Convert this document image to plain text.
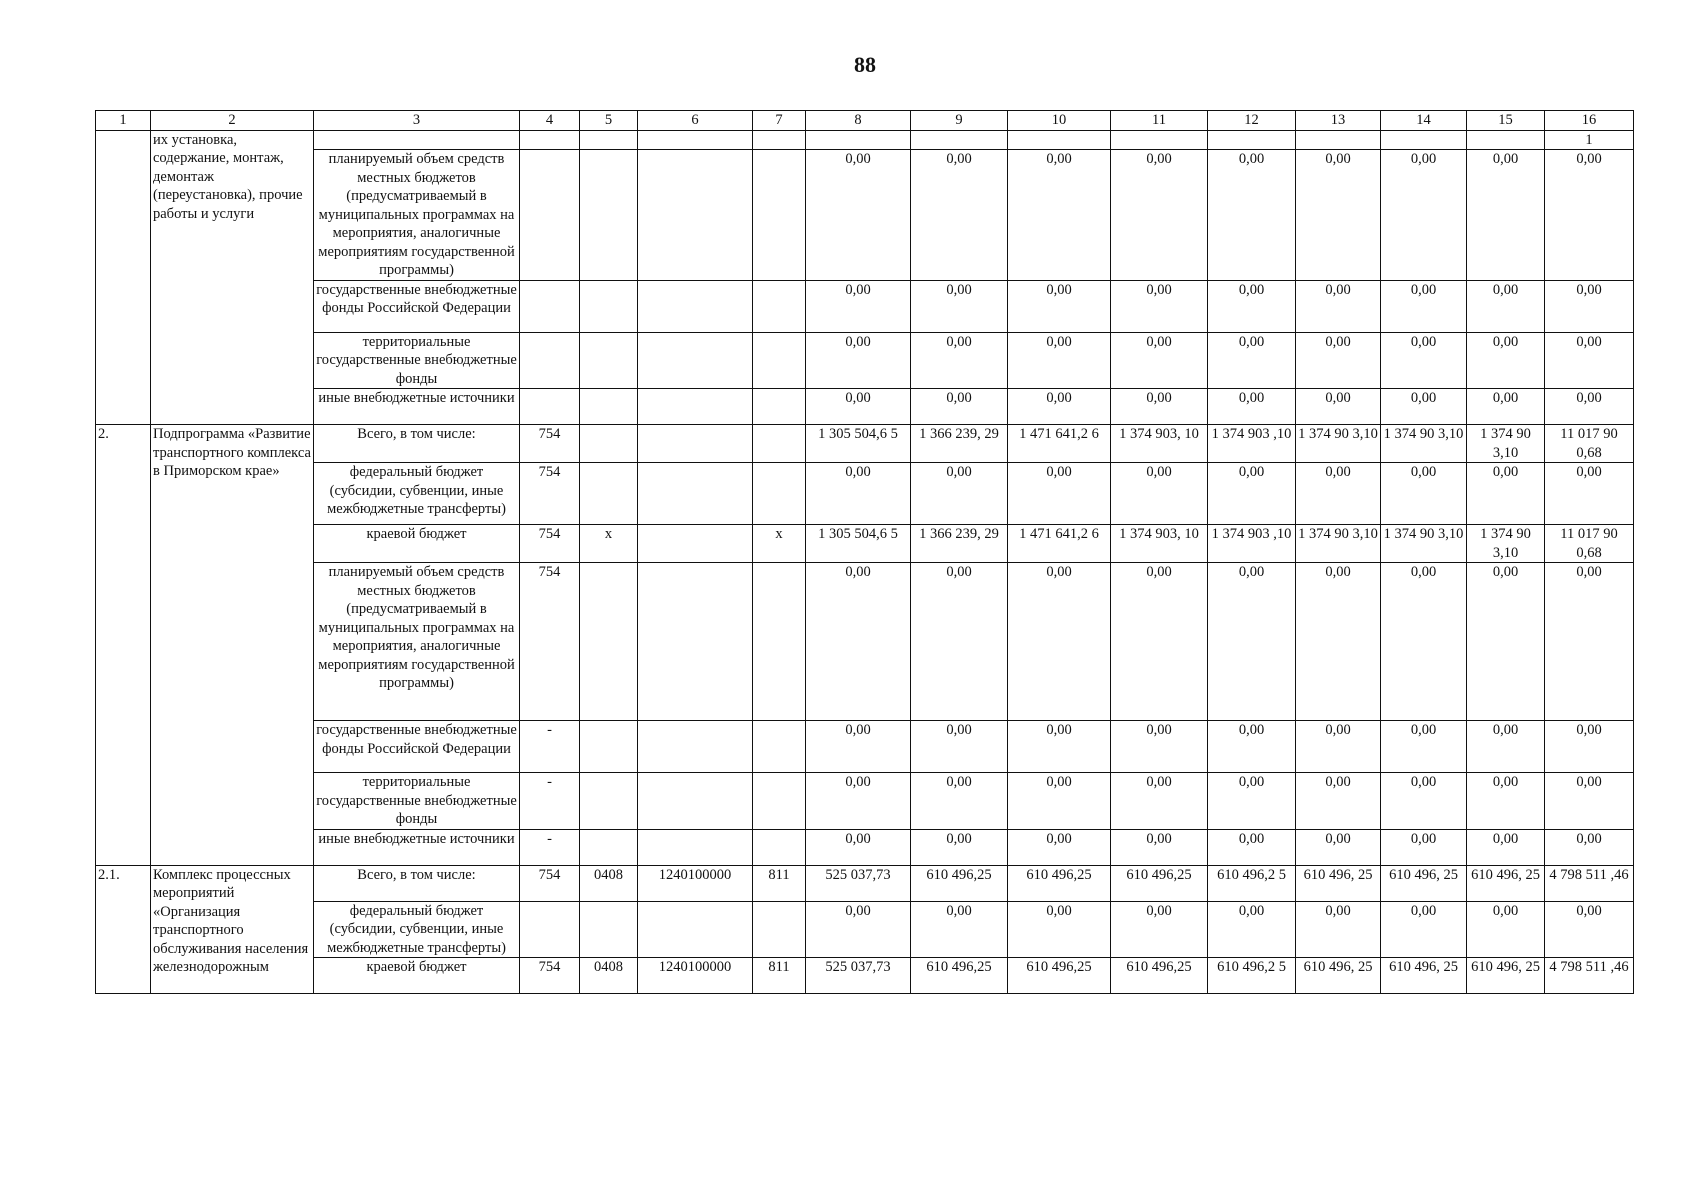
88
1	2	3	4	5	6	7	8	9	10	11	12	13	14	15	16
	их установка, содержание, монтаж, демонтаж (переустановка), прочие работы и услуги														1
		планируемый объем средств местных бюджетов (предусматриваемый в муниципальных программах на мероприятия, аналогичные мероприятиям государственной программы)					0,00	0,00	0,00	0,00	0,00	0,00	0,00	0,00	0,00
		государственные внебюджетные фонды Российской Федерации					0,00	0,00	0,00	0,00	0,00	0,00	0,00	0,00	0,00
		территориальные государственные внебюджетные фонды					0,00	0,00	0,00	0,00	0,00	0,00	0,00	0,00	0,00
		иные внебюджетные источники					0,00	0,00	0,00	0,00	0,00	0,00	0,00	0,00	0,00
2.	Подпрограмма «Развитие транспортного комплекса в Приморском крае»	Всего, в том числе:	754				1 305 504,6 5	1 366 239, 29	1 471 641,2 6	1 374 903, 10	1 374 903 ,10	1 374 90 3,10	1 374 90 3,10	1 374 90 3,10	11 017 90 0,68
		федеральный бюджет (субсидии, субвенции, иные межбюджетные трансферты)	754				0,00	0,00	0,00	0,00	0,00	0,00	0,00	0,00	0,00
		краевой бюджет	754	x		x	1 305 504,6 5	1 366 239, 29	1 471 641,2 6	1 374 903, 10	1 374 903 ,10	1 374 90 3,10	1 374 90 3,10	1 374 90 3,10	11 017 90 0,68
		планируемый объем средств местных бюджетов (предусматриваемый в муниципальных программах на мероприятия, аналогичные мероприятиям государственной программы)	754				0,00	0,00	0,00	0,00	0,00	0,00	0,00	0,00	0,00
		государственные внебюджетные фонды Российской Федерации	-				0,00	0,00	0,00	0,00	0,00	0,00	0,00	0,00	0,00
		территориальные государственные внебюджетные фонды	-				0,00	0,00	0,00	0,00	0,00	0,00	0,00	0,00	0,00
		иные внебюджетные источники	-				0,00	0,00	0,00	0,00	0,00	0,00	0,00	0,00	0,00
2.1.	Комплекс процессных мероприятий «Организация транспортного обслуживания населения железнодорожным	Всего, в том числе:	754	0408	1240100000	811	525 037,73	610 496,25	610 496,25	610 496,25	610 496,2 5	610 496, 25	610 496, 25	610 496, 25	4 798 511 ,46
		федеральный бюджет (субсидии, субвенции, иные межбюджетные трансферты)					0,00	0,00	0,00	0,00	0,00	0,00	0,00	0,00	0,00
		краевой бюджет	754	0408	1240100000	811	525 037,73	610 496,25	610 496,25	610 496,25	610 496,2 5	610 496, 25	610 496, 25	610 496, 25	4 798 511 ,46
